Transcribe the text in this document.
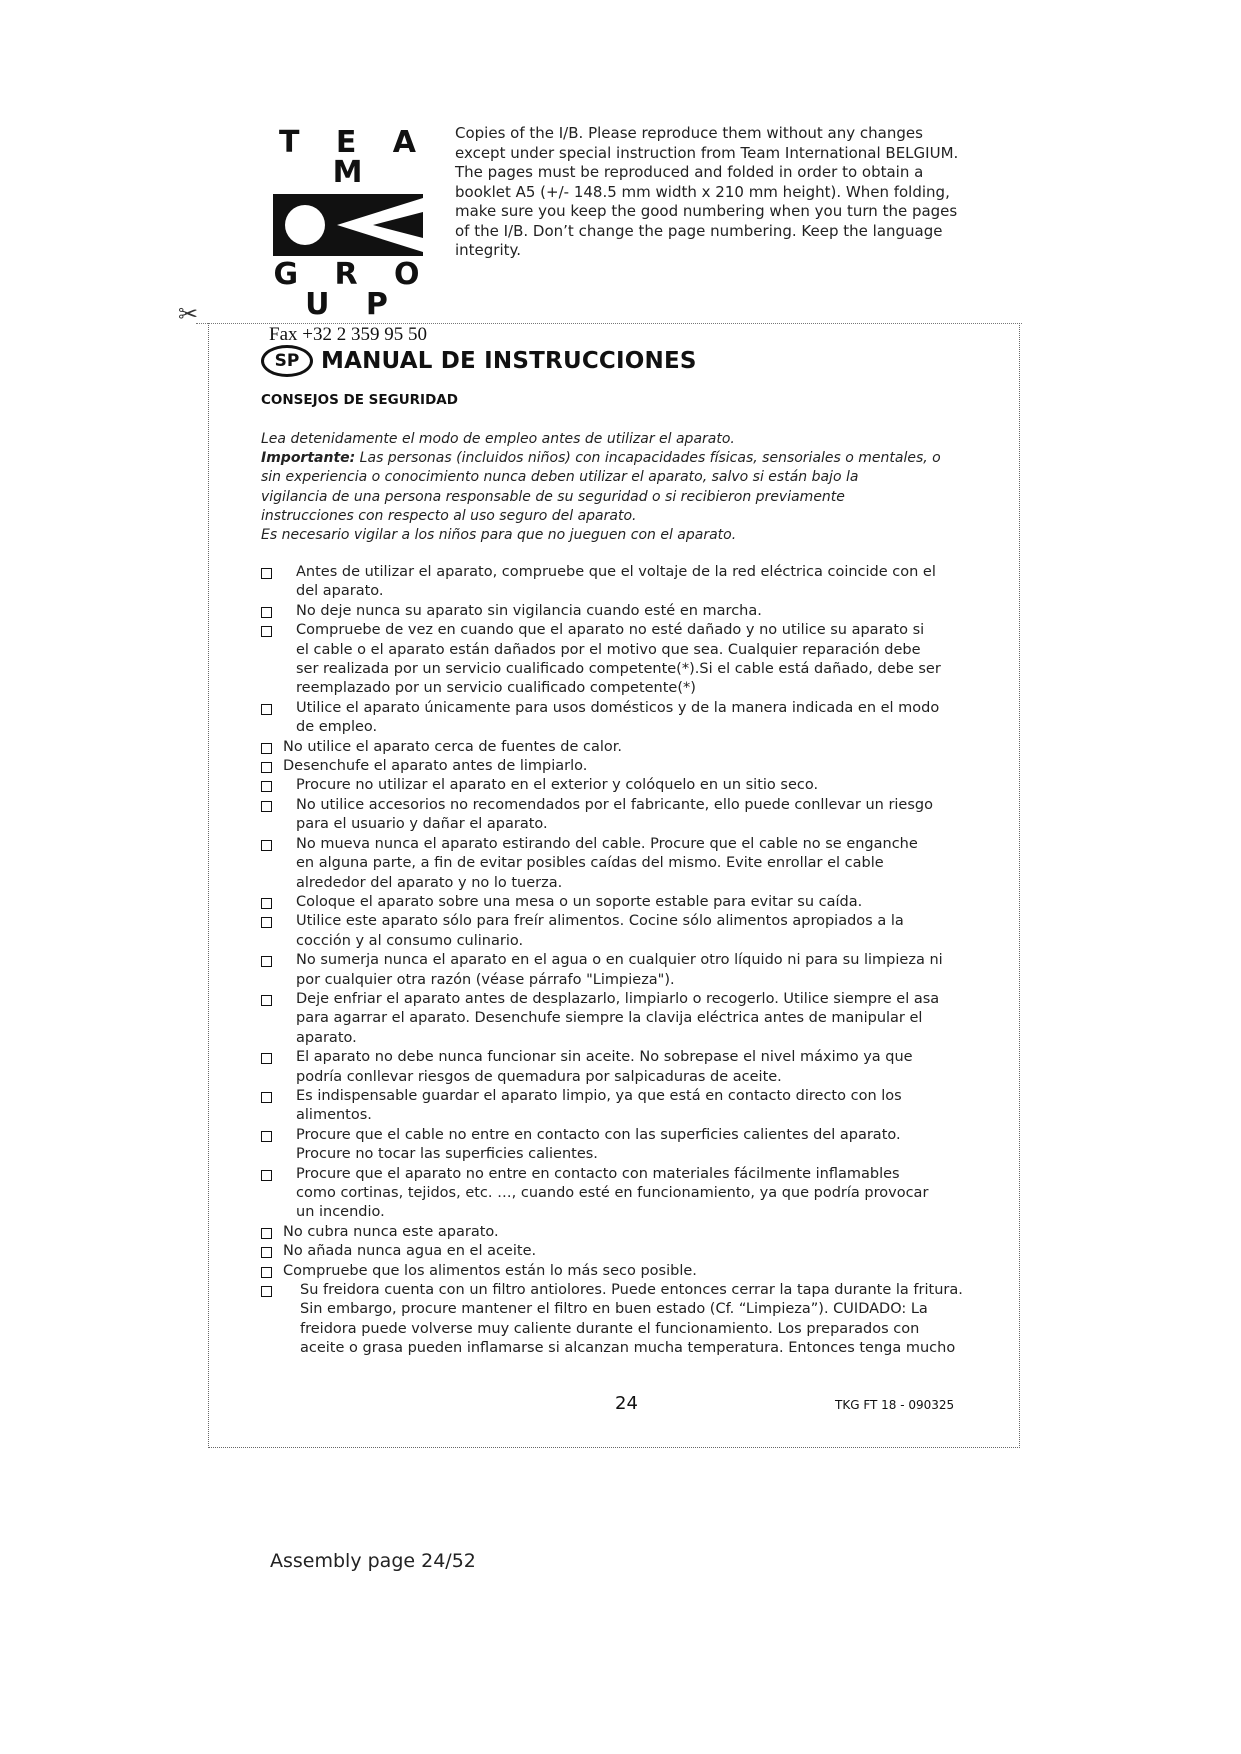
T E A M
G R O U P
Fax +32 2 359 95 50
Copies of the I/B. Please reproduce them without any changes
except under special instruction from Team International BELGIUM.
The pages must be reproduced and folded in order to obtain a
booklet A5 (+/- 148.5 mm width x 210 mm height). When folding,
make sure you keep the good numbering when you turn the pages
of the I/B. Don’t change the page numbering. Keep the language
integrity.
✂
SP MANUAL DE INSTRUCCIONES
CONSEJOS DE SEGURIDAD
Lea detenidamente el modo de empleo antes de utilizar el aparato.
Importante: Las personas (incluidos niños) con incapacidades físicas, sensoriales o mentales, o
sin experiencia o conocimiento nunca deben utilizar el aparato, salvo si están bajo la
vigilancia de una persona responsable de su seguridad o si recibieron previamente
instrucciones con respecto al uso seguro del aparato.
Es necesario vigilar a los niños para que no jueguen con el aparato.
Antes de utilizar el aparato, compruebe que el voltaje de la red eléctrica coincide con el
del aparato.
No deje nunca su aparato sin vigilancia cuando esté en marcha.
Compruebe de vez en cuando que el aparato no esté dañado y no utilice su aparato si
el cable o el aparato están dañados por el motivo que sea. Cualquier reparación debe
ser realizada por un servicio cualificado competente(*).Si el cable está dañado, debe ser
reemplazado por un servicio cualificado competente(*)
Utilice el aparato únicamente para usos domésticos y de la manera indicada en el modo
de empleo.
No utilice el aparato cerca de fuentes de calor.
Desenchufe el aparato antes de limpiarlo.
Procure no utilizar el aparato en el exterior y colóquelo en un sitio seco.
No utilice accesorios no recomendados por el fabricante, ello puede conllevar un riesgo
para el usuario y dañar el aparato.
No mueva nunca el aparato estirando del cable. Procure que el cable no se enganche
en alguna parte, a fin de evitar posibles caídas del mismo. Evite enrollar el cable
alrededor del aparato y no lo tuerza.
Coloque el aparato sobre una mesa o un soporte estable para evitar su caída.
Utilice este aparato sólo para freír alimentos. Cocine sólo alimentos apropiados a la
cocción y al consumo culinario.
No sumerja nunca el aparato en el agua o en cualquier otro líquido ni para su limpieza ni
por cualquier otra razón (véase párrafo "Limpieza").
Deje enfriar el aparato antes de desplazarlo, limpiarlo o recogerlo. Utilice siempre el asa
para agarrar el aparato. Desenchufe siempre la clavija eléctrica antes de manipular el
aparato.
El aparato no debe nunca funcionar sin aceite. No sobrepase el nivel máximo ya que
podría conllevar riesgos de quemadura por salpicaduras de aceite.
Es indispensable guardar el aparato limpio, ya que está en contacto directo con los
alimentos.
Procure que el cable no entre en contacto con las superficies calientes del aparato.
Procure no tocar las superficies calientes.
Procure que el aparato no entre en contacto con materiales fácilmente inflamables
como cortinas, tejidos, etc. …, cuando esté en funcionamiento, ya que podría provocar
un incendio.
No cubra nunca este aparato.
No añada nunca agua en el aceite.
Compruebe que los alimentos están lo más seco posible.
Su freidora cuenta con un filtro antiolores. Puede entonces cerrar la tapa durante la fritura.
Sin embargo, procure mantener el filtro en buen estado (Cf. “Limpieza”). CUIDADO: La
freidora puede volverse muy caliente durante el funcionamiento. Los preparados con
aceite o grasa pueden inflamarse si alcanzan mucha temperatura. Entonces tenga mucho
24	TKG FT 18 - 090325
Assembly page 24/52
